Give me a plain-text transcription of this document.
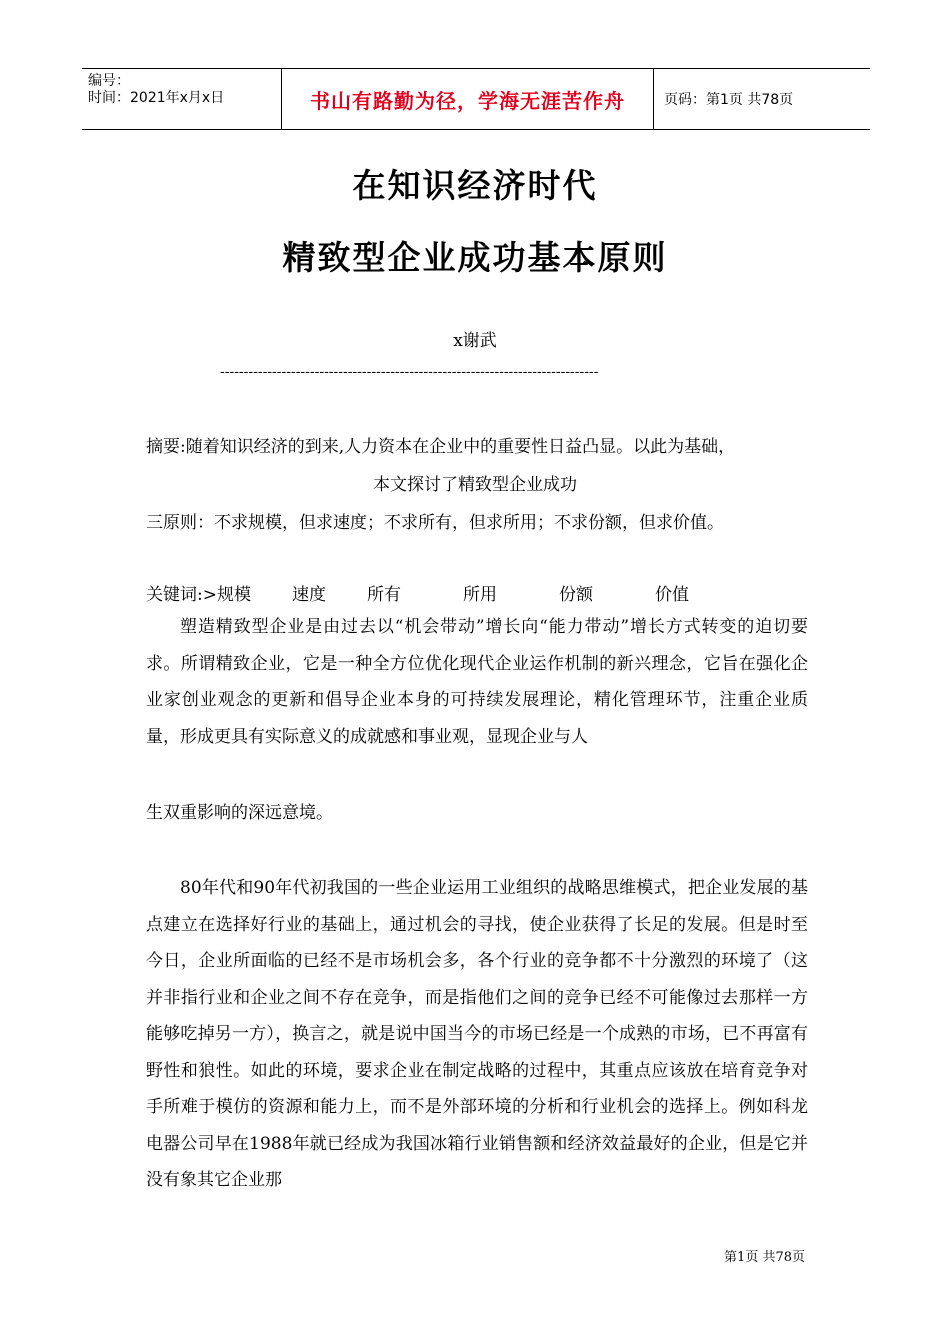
编号：
时间：2021年x月x日	书山有路勤为径，学海无涯苦作舟	页码：第1页 共78页
在知识经济时代
精致型企业成功基本原则
x谢武
--------------------------------------------------------------------------------
摘要:随着知识经济的到来,人力资本在企业中的重要性日益凸显。以此为基础，
本文探讨了精致型企业成功
三原则：不求规模，但求速度；不求所有，但求所用；不求份额，但求价值。
关键词:>规模 速度 所有	所用	份额	价值
塑造精致型企业是由过去以“机会带动”增长向“能力带动”增长方式转变的迫切要求。所谓精致企业，它是一种全方位优化现代企业运作机制的新兴理念，它旨在强化企业家创业观念的更新和倡导企业本身的可持续发展理论，精化管理环节，注重企业质量，形成更具有实际意义的成就感和事业观，显现企业与人
生双重影响的深远意境。
80年代和90年代初我国的一些企业运用工业组织的战略思维模式，把企业发展的基点建立在选择好行业的基础上，通过机会的寻找，使企业获得了长足的发展。但是时至今日，企业所面临的已经不是市场机会多，各个行业的竞争都不十分激烈的环境了（这并非指行业和企业之间不存在竞争，而是指他们之间的竞争已经不可能像过去那样一方能够吃掉另一方），换言之，就是说中国当今的市场已经是一个成熟的市场，已不再富有野性和狼性。如此的环境，要求企业在制定战略的过程中，其重点应该放在培育竞争对手所难于模仿的资源和能力上，而不是外部环境的分析和行业机会的选择上。例如科龙电器公司早在1988年就已经成为我国冰箱行业销售额和经济效益最好的企业，但是它并没有象其它企业那
第1页 共78页
